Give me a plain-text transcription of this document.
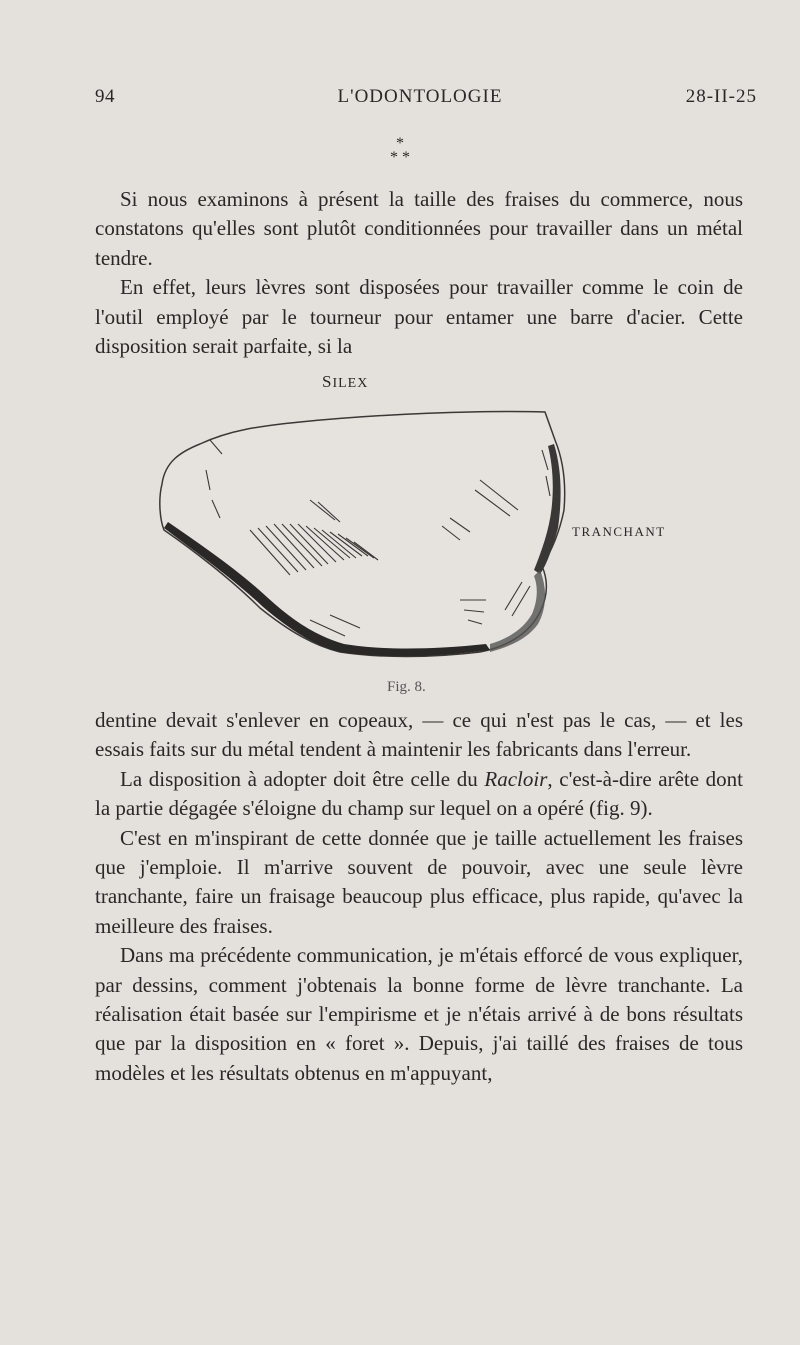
94	L'ODONTOLOGIE	28-II-25
*
* *

Si nous examinons à présent la taille des fraises du commerce, nous constatons qu'elles sont plutôt conditionnées pour travailler dans un métal tendre.

En effet, leurs lèvres sont disposées pour travailler comme le coin de l'outil employé par le tourneur pour entamer une barre d'acier. Cette disposition serait parfaite, si la

SILEX
TRANCHANT
Fig. 8.

dentine devait s'enlever en copeaux, — ce qui n'est pas le cas, — et les essais faits sur du métal tendent à maintenir les fabricants dans l'erreur.

La disposition à adopter doit être celle du Racloir, c'est-à-dire arête dont la partie dégagée s'éloigne du champ sur lequel on a opéré (fig. 9).

C'est en m'inspirant de cette donnée que je taille actuellement les fraises que j'emploie. Il m'arrive souvent de pouvoir, avec une seule lèvre tranchante, faire un fraisage beaucoup plus efficace, plus rapide, qu'avec la meilleure des fraises.

Dans ma précédente communication, je m'étais efforcé de vous expliquer, par dessins, comment j'obtenais la bonne forme de lèvre tranchante. La réalisation était basée sur l'empirisme et je n'étais arrivé à de bons résultats que par la disposition en « foret ». Depuis, j'ai taillé des fraises de tous modèles et les résultats obtenus en m'appuyant,
